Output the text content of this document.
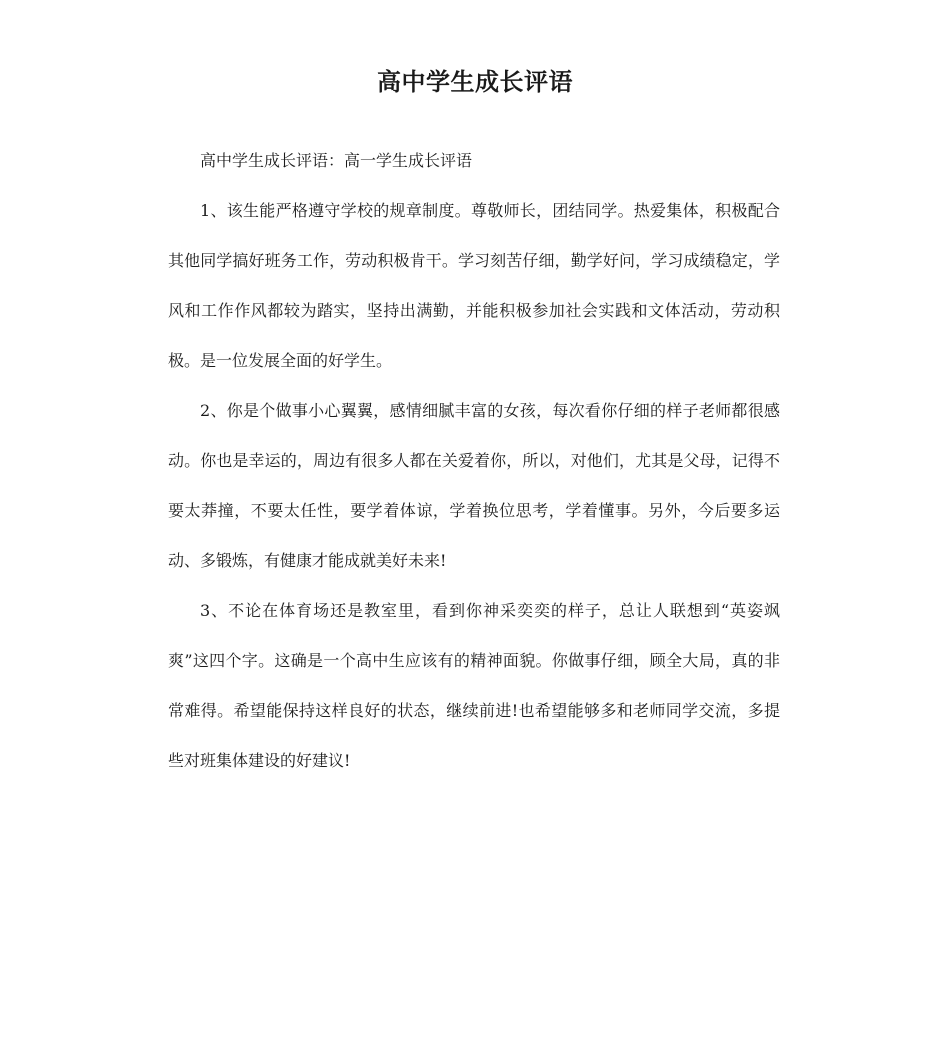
高中学生成长评语

高中学生成长评语：高一学生成长评语

1、该生能严格遵守学校的规章制度。尊敬师长，团结同学。热爱集体，积极配合其他同学搞好班务工作，劳动积极肯干。学习刻苦仔细，勤学好问，学习成绩稳定，学风和工作作风都较为踏实，坚持出满勤，并能积极参加社会实践和文体活动，劳动积极。是一位发展全面的好学生。

2、你是个做事小心翼翼，感情细腻丰富的女孩，每次看你仔细的样子老师都很感动。你也是幸运的，周边有很多人都在关爱着你，所以，对他们，尤其是父母，记得不要太莽撞，不要太任性，要学着体谅，学着换位思考，学着懂事。另外，今后要多运动、多锻炼，有健康才能成就美好未来!

3、不论在体育场还是教室里，看到你神采奕奕的样子，总让人联想到“英姿飒爽”这四个字。这确是一个高中生应该有的精神面貌。你做事仔细，顾全大局，真的非常难得。希望能保持这样良好的状态，继续前进!也希望能够多和老师同学交流，多提些对班集体建设的好建议!
